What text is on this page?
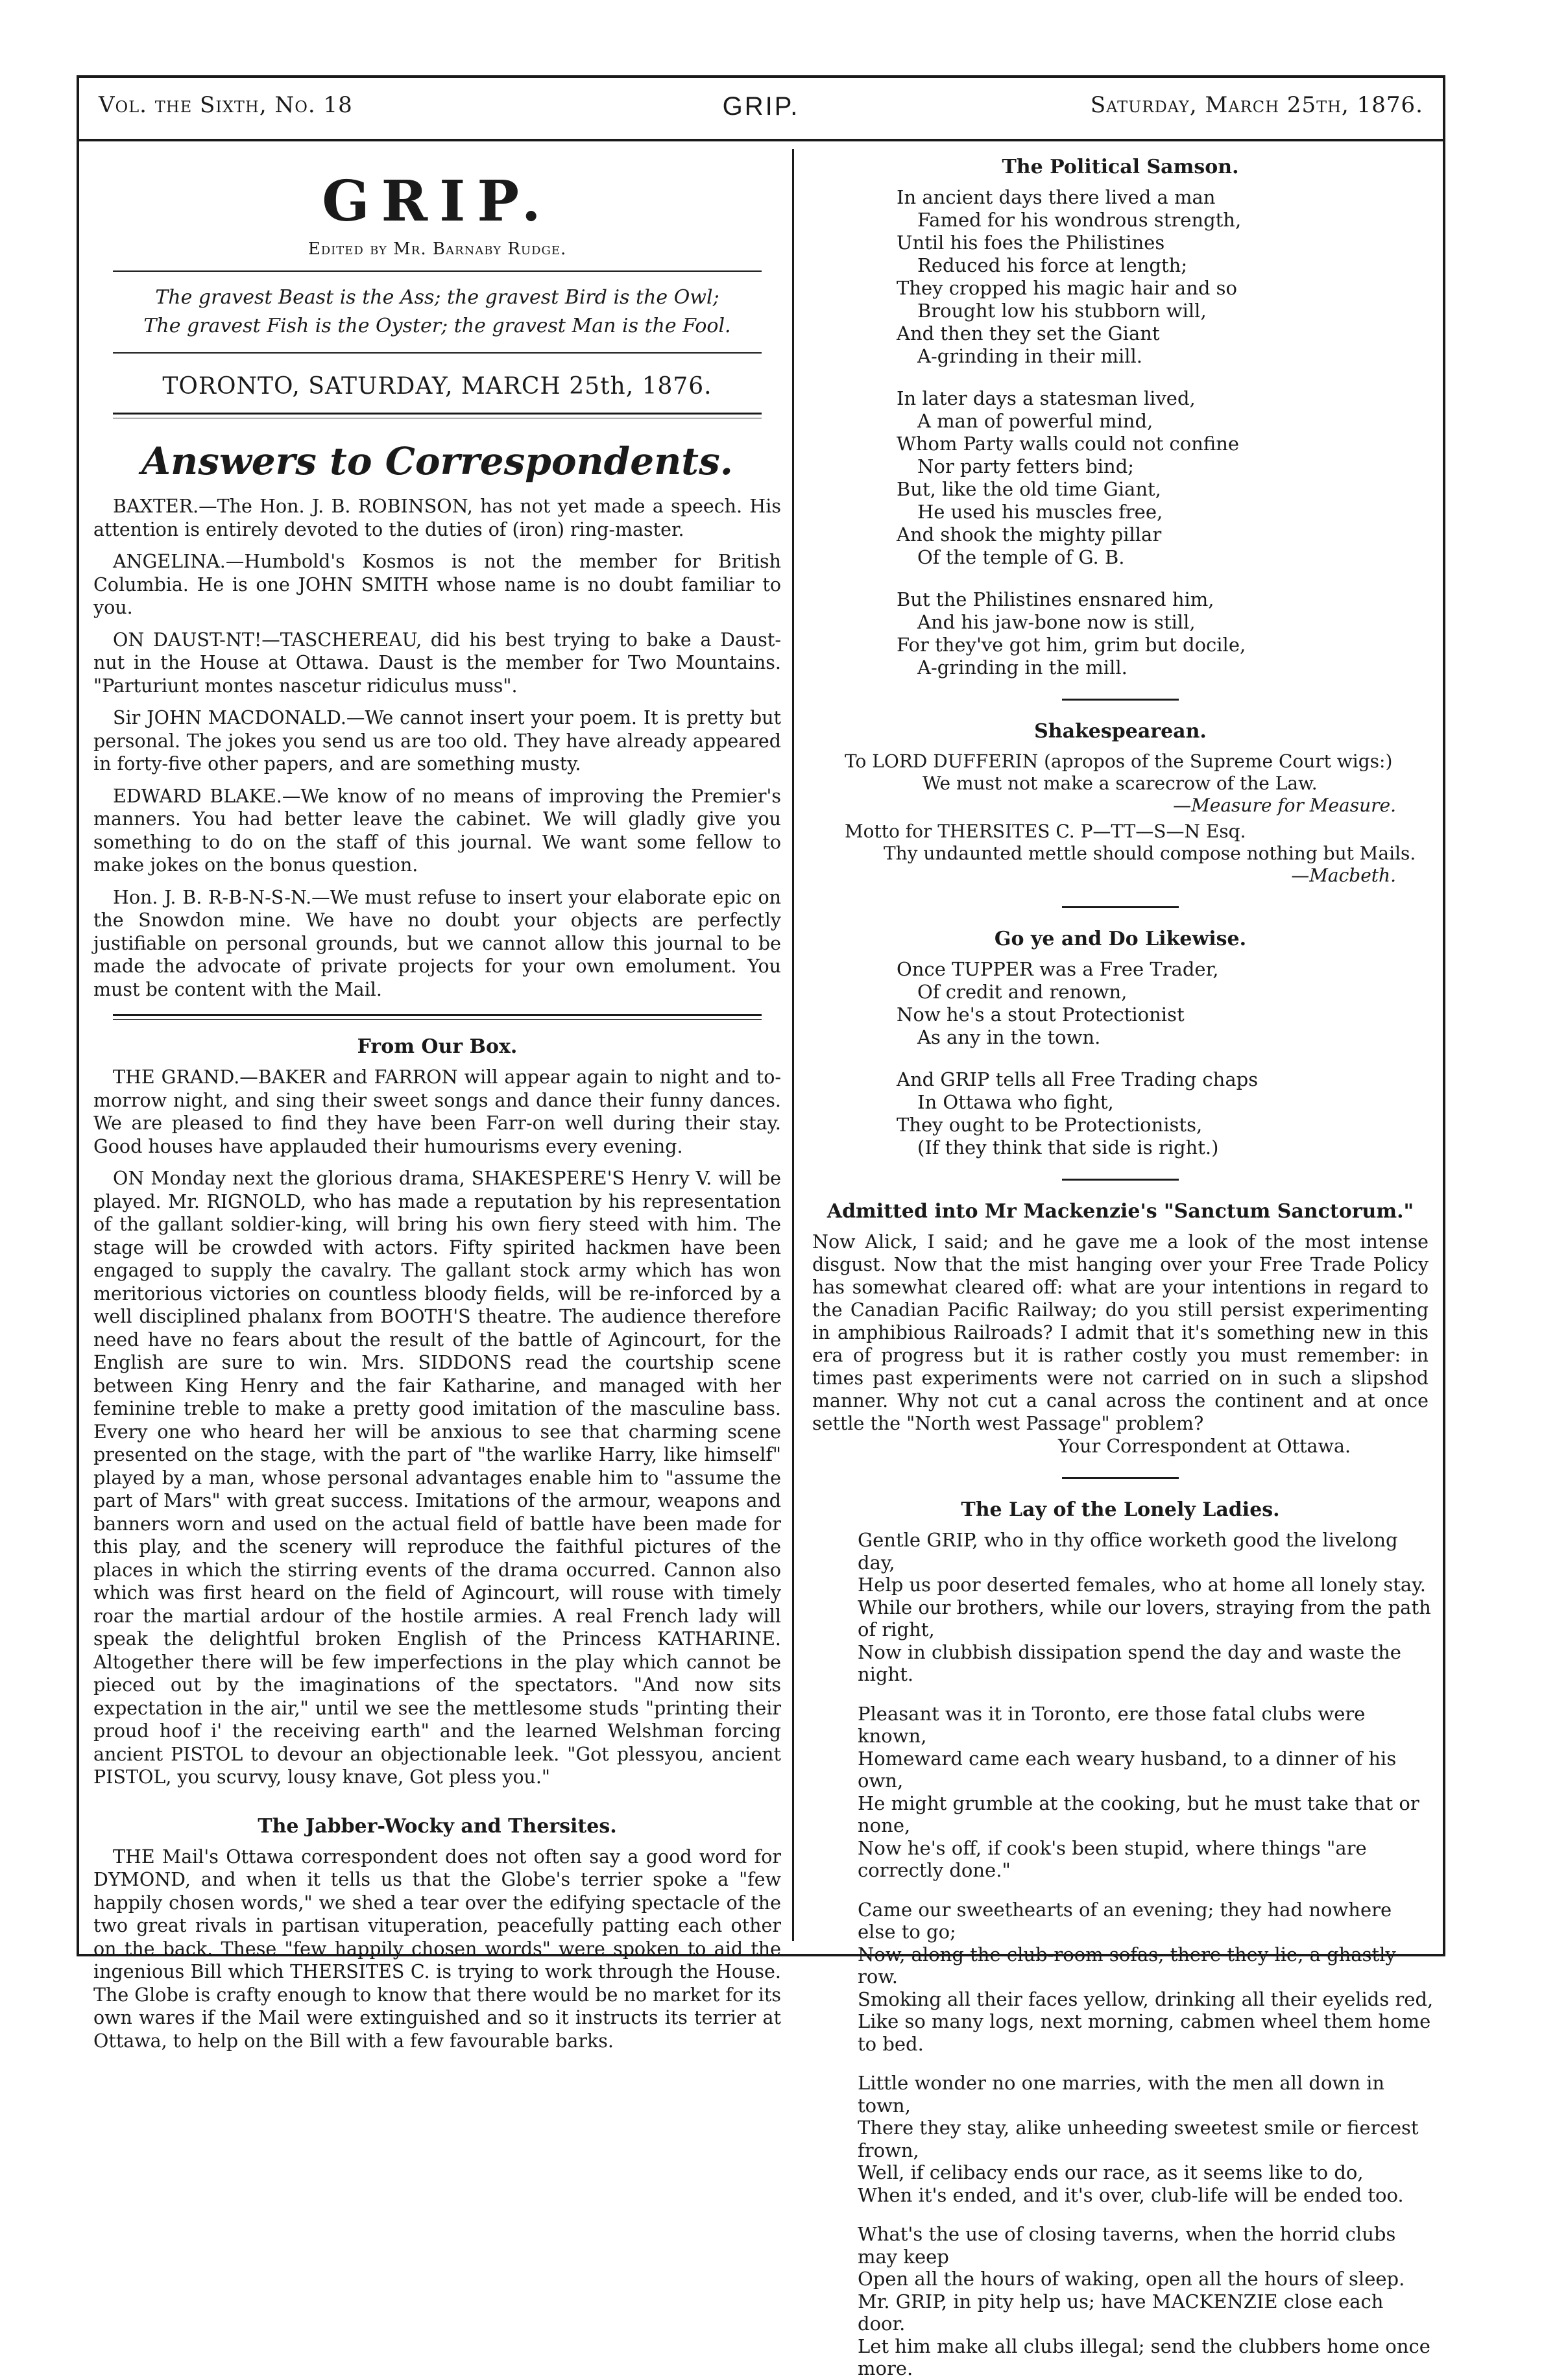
Vol. the Sixth, No. 18	GRIP.	Saturday, March 25th, 1876.
GRIP.
Edited by Mr. Barnaby Rudge.
The gravest Beast is the Ass; the gravest Bird is the Owl;
The gravest Fish is the Oyster; the gravest Man is the Fool.
TORONTO, SATURDAY, MARCH 25th, 1876.
Answers to Correspondents.

BAXTER.—The Hon. J. B. ROBINSON, has not yet made a speech. His attention is entirely devoted to the duties of (iron) ring-master.

ANGELINA.—Humbold's Kosmos is not the member for British Columbia. He is one JOHN SMITH whose name is no doubt familiar to you.

ON DAUST-NT!—TASCHEREAU, did his best trying to bake a Daust-nut in the House at Ottawa. Daust is the member for Two Mountains. "Parturiunt montes nascetur ridiculus muss".

Sir JOHN MACDONALD.—We cannot insert your poem. It is pretty but personal. The jokes you send us are too old. They have already appeared in forty-five other papers, and are something musty.

EDWARD BLAKE.—We know of no means of improving the Premier's manners. You had better leave the cabinet. We will gladly give you something to do on the staff of this journal. We want some fellow to make jokes on the bonus question.

Hon. J. B. R-B-N-S-N.—We must refuse to insert your elaborate epic on the Snowdon mine. We have no doubt your objects are perfectly justifiable on personal grounds, but we cannot allow this journal to be made the advocate of private projects for your own emolument. You must be content with the Mail.

From Our Box.

THE GRAND.—BAKER and FARRON will appear again to night and to-morrow night, and sing their sweet songs and dance their funny dances. We are pleased to find they have been Farr-on well during their stay. Good houses have applauded their humourisms every evening.

ON Monday next the glorious drama, SHAKESPERE'S Henry V. will be played. Mr. RIGNOLD, who has made a reputation by his representation of the gallant soldier-king, will bring his own fiery steed with him. The stage will be crowded with actors. Fifty spirited hackmen have been engaged to supply the cavalry. The gallant stock army which has won meritorious victories on countless bloody fields, will be re-inforced by a well disciplined phalanx from BOOTH'S theatre. The audience therefore need have no fears about the result of the battle of Agincourt, for the English are sure to win. Mrs. SIDDONS read the courtship scene between King Henry and the fair Katharine, and managed with her feminine treble to make a pretty good imitation of the masculine bass. Every one who heard her will be anxious to see that charming scene presented on the stage, with the part of "the warlike Harry, like himself" played by a man, whose personal advantages enable him to "assume the part of Mars" with great success. Imitations of the armour, weapons and banners worn and used on the actual field of battle have been made for this play, and the scenery will reproduce the faithful pictures of the places in which the stirring events of the drama occurred. Cannon also which was first heard on the field of Agincourt, will rouse with timely roar the martial ardour of the hostile armies. A real French lady will speak the delightful broken English of the Princess KATHARINE. Altogether there will be few imperfections in the play which cannot be pieced out by the imaginations of the spectators. "And now sits expectation in the air," until we see the mettlesome studs "printing their proud hoof i' the receiving earth" and the learned Welshman forcing ancient PISTOL to devour an objectionable leek. "Got plessyou, ancient PISTOL, you scurvy, lousy knave, Got pless you."

The Jabber-Wocky and Thersites.

THE Mail's Ottawa correspondent does not often say a good word for DYMOND, and when it tells us that the Globe's terrier spoke a "few happily chosen words," we shed a tear over the edifying spectacle of the two great rivals in partisan vituperation, peacefully patting each other on the back. These "few happily chosen words" were spoken to aid the ingenious Bill which THERSITES C. is trying to work through the House. The Globe is crafty enough to know that there would be no market for its own wares if the Mail were extinguished and so it instructs its terrier at Ottawa, to help on the Bill with a few favourable barks.

The Political Samson.
In ancient days there lived a man
Famed for his wondrous strength,
Until his foes the Philistines
Reduced his force at length;
They cropped his magic hair and so
Brought low his stubborn will,
And then they set the Giant
A-grinding in their mill.
In later days a statesman lived,
A man of powerful mind,
Whom Party walls could not confine
Nor party fetters bind;
But, like the old time Giant,
He used his muscles free,
And shook the mighty pillar
Of the temple of G. B.
But the Philistines ensnared him,
And his jaw-bone now is still,
For they've got him, grim but docile,
A-grinding in the mill.
Shakespearean.
To LORD DUFFERIN (apropos of the Supreme Court wigs:)
We must not make a scarecrow of the Law.
—Measure for Measure.
Motto for THERSITES C. P—TT—S—N Esq.
Thy undaunted mettle should compose nothing but Mails.
—Macbeth.
Go ye and Do Likewise.
Once TUPPER was a Free Trader,
Of credit and renown,
Now he's a stout Protectionist
As any in the town.
And GRIP tells all Free Trading chaps
In Ottawa who fight,
They ought to be Protectionists,
(If they think that side is right.)
Admitted into Mr Mackenzie's "Sanctum Sanctorum."

Now Alick, I said; and he gave me a look of the most intense disgust. Now that the mist hanging over your Free Trade Policy has somewhat cleared off: what are your intentions in regard to the Canadian Pacific Railway; do you still persist experimenting in amphibious Railroads? I admit that it's something new in this era of progress but it is rather costly you must remember: in times past experiments were not carried on in such a slipshod manner. Why not cut a canal across the continent and at once settle the "North west Passage" problem?

Your Correspondent at Ottawa.
The Lay of the Lonely Ladies.
Gentle GRIP, who in thy office worketh good the livelong day,
Help us poor deserted females, who at home all lonely stay.
While our brothers, while our lovers, straying from the path of right,
Now in clubbish dissipation spend the day and waste the night.
Pleasant was it in Toronto, ere those fatal clubs were known,
Homeward came each weary husband, to a dinner of his own,
He might grumble at the cooking, but he must take that or none,
Now he's off, if cook's been stupid, where things "are correctly done."
Came our sweethearts of an evening; they had nowhere else to go;
Now, along the club-room sofas, there they lie, a ghastly row.
Smoking all their faces yellow, drinking all their eyelids red,
Like so many logs, next morning, cabmen wheel them home to bed.
Little wonder no one marries, with the men all down in town,
There they stay, alike unheeding sweetest smile or fiercest frown,
Well, if celibacy ends our race, as it seems like to do,
When it's ended, and it's over, club-life will be ended too.
What's the use of closing taverns, when the horrid clubs may keep
Open all the hours of waking, open all the hours of sleep.
Mr. GRIP, in pity help us; have MACKENZIE close each door.
Let him make all clubs illegal; send the clubbers home once more.
